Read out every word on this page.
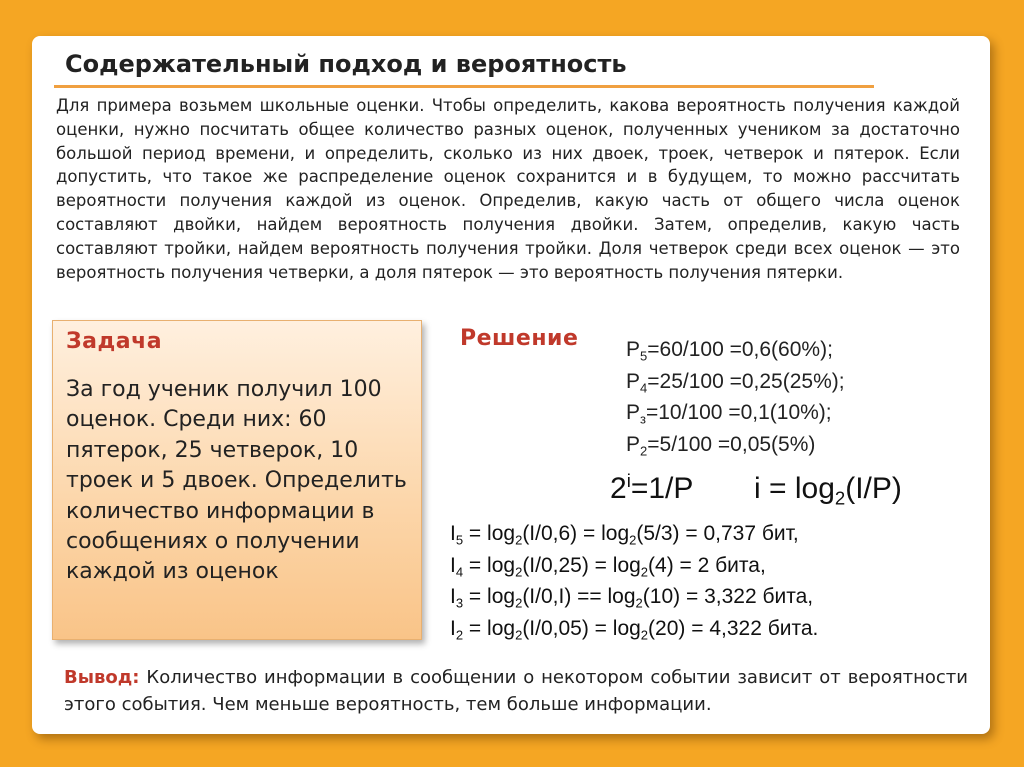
Содержательный подход и вероятность

Для примера возьмем школьные оценки. Чтобы определить, какова вероятность получения каждой оценки, нужно посчитать общее количество разных оценок, полученных учеником за достаточно большой период времени, и определить, сколько из них двоек, троек, четверок и пятерок. Если допустить, что такое же распределение оценок сохранится и в будущем, то можно рассчитать вероятности получения каждой из оценок. Определив, какую часть от общего числа оценок составляют двойки, найдем вероятность получения двойки. Затем, определив, какую часть составляют тройки, найдем вероятность получения тройки. Доля четверок среди всех оценок — это вероятность получения четверки, а доля пятерок — это вероятность получения пятерки.

Задача

За год ученик получил 100 оценок. Среди них: 60 пятерок, 25 четверок, 10 троек и 5 двоек. Определить количество информации в сообщениях о получении каждой из оценок

Решение $P_5=60/100 =0,6(60\%)$;
$P_4=25/100 =0,25(25\%)$;
$P_з=10/100 =0,1(10\%)$;
$P_2=5/100 =0,05(5\%)$
$2^i=1/P$ $i = \log_2(I/P)$
$I_5 = \log_2(I/0,6) = \log_2(5/3) = 0,737$ бит,
$I_4 = \log_2(I/0,25) = \log_2(4) = 2$ бита,
$I_3 = \log_2(I/0,I) == \log_2(10) = 3,322$ бита,
$I_2 = \log_2(I/0,05) = \log_2(20) = 4,322$ бита.

Вывод: Количество информации в сообщении о некотором событии зависит от вероятности этого события. Чем меньше вероятность, тем больше информации.
